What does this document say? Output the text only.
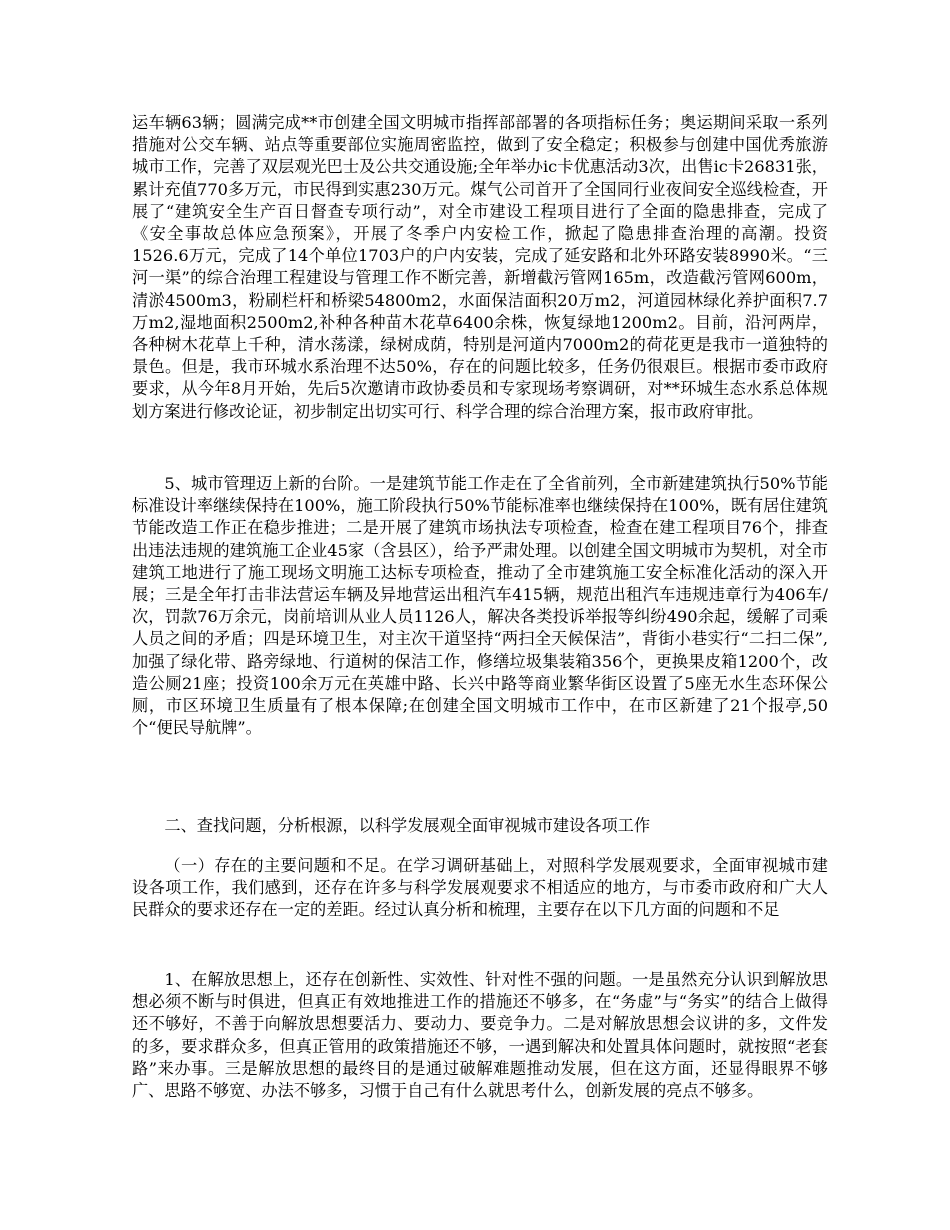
运车辆63辆；圆满完成**市创建全国文明城市指挥部部署的各项指标任务；奥运期间采取一系列措施对公交车辆、站点等重要部位实施周密监控，做到了安全稳定；积极参与创建中国优秀旅游城市工作，完善了双层观光巴士及公共交通设施;全年举办ic卡优惠活动3次，出售ic卡26831张，累计充值770多万元，市民得到实惠230万元。煤气公司首开了全国同行业夜间安全巡线检查，开展了“建筑安全生产百日督查专项行动”，对全市建设工程项目进行了全面的隐患排查，完成了《安全事故总体应急预案》，开展了冬季户内安检工作，掀起了隐患排查治理的高潮。投资1526.6万元，完成了14个单位1703户的户内安装，完成了延安路和北外环路安装8990米。“三河一渠”的综合治理工程建设与管理工作不断完善，新增截污管网165m，改造截污管网600m，清淤4500m3，粉刷栏杆和桥梁54800m2，水面保洁面积20万m2，河道园林绿化养护面积7.7万m2,湿地面积2500m2,补种各种苗木花草6400余株，恢复绿地1200m2。目前，沿河两岸，各种树木花草上千种，清水荡漾，绿树成荫，特别是河道内7000m2的荷花更是我市一道独特的景色。但是，我市环城水系治理不达50%，存在的问题比较多，任务仍很艰巨。根据市委市政府要求，从今年8月开始，先后5次邀请市政协委员和专家现场考察调研，对**环城生态水系总体规划方案进行修改论证，初步制定出切实可行、科学合理的综合治理方案，报市政府审批。

5、城市管理迈上新的台阶。一是建筑节能工作走在了全省前列，全市新建建筑执行50%节能标准设计率继续保持在100%，施工阶段执行50%节能标准率也继续保持在100%，既有居住建筑节能改造工作正在稳步推进；二是开展了建筑市场执法专项检查，检查在建工程项目76个，排查出违法违规的建筑施工企业45家（含县区），给予严肃处理。以创建全国文明城市为契机，对全市建筑工地进行了施工现场文明施工达标专项检查，推动了全市建筑施工安全标准化活动的深入开展；三是全年打击非法营运车辆及异地营运出租汽车415辆，规范出租汽车违规违章行为406车/次，罚款76万余元，岗前培训从业人员1126人，解决各类投诉举报等纠纷490余起，缓解了司乘人员之间的矛盾；四是环境卫生，对主次干道坚持“两扫全天候保洁”，背街小巷实行“二扫二保”,加强了绿化带、路旁绿地、行道树的保洁工作，修缮垃圾集装箱356个，更换果皮箱1200个，改造公厕21座；投资100余万元在英雄中路、长兴中路等商业繁华街区设置了5座无水生态环保公厕，市区环境卫生质量有了根本保障;在创建全国文明城市工作中，在市区新建了21个报亭,50个“便民导航牌”。

二、查找问题，分析根源，以科学发展观全面审视城市建设各项工作

（一）存在的主要问题和不足。在学习调研基础上，对照科学发展观要求，全面审视城市建设各项工作，我们感到，还存在许多与科学发展观要求不相适应的地方，与市委市政府和广大人民群众的要求还存在一定的差距。经过认真分析和梳理，主要存在以下几方面的问题和不足

1、在解放思想上，还存在创新性、实效性、针对性不强的问题。一是虽然充分认识到解放思想必须不断与时俱进，但真正有效地推进工作的措施还不够多，在“务虚”与“务实”的结合上做得还不够好，不善于向解放思想要活力、要动力、要竞争力。二是对解放思想会议讲的多，文件发的多，要求群众多，但真正管用的政策措施还不够，一遇到解决和处置具体问题时，就按照“老套路”来办事。三是解放思想的最终目的是通过破解难题推动发展，但在这方面，还显得眼界不够广、思路不够宽、办法不够多，习惯于自己有什么就思考什么，创新发展的亮点不够多。
